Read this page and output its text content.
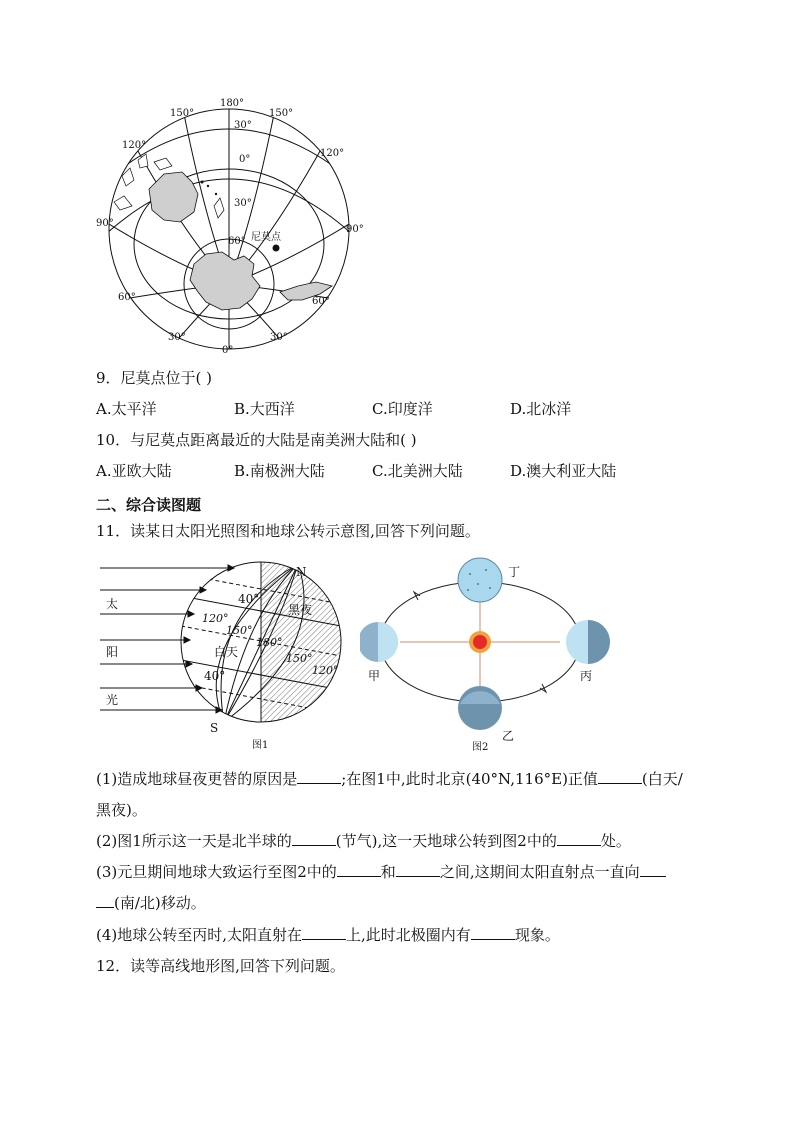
180°
150°	150°
120°
120°
90°
90°
60°	60°
30°	30°
0°
30°
0°
30°
60° 尼莫点
9．尼莫点位于( )
A.太平洋	B.大西洋	C.印度洋	D.北冰洋
10．与尼莫点距离最近的大陆是南美洲大陆和( )
A.亚欧大陆	B.南极洲大陆	C.北美洲大陆	D.澳大利亚大陆
二、综合读图题
11．读某日太阳光照图和地球公转示意图,回答下列问题。
太
阳
光
N
S
40°
40°
120°
150°
180°
150°
120°
白天
黑夜
图1
丁
甲	丙
乙
图2
(1)造成地球昼夜更替的原因是	;在图1中,此时北京(40°N,116°E)正值	(白天/
黑夜)。
(2)图1所示这一天是北半球的	(节气),这一天地球公转到图2中的	处。
(3)元旦期间地球大致运行至图2中的	和	之间,这期间太阳直射点一直向
(南/北)移动。
(4)地球公转至丙时,太阳直射在	上,此时北极圈内有	现象。
12．读等高线地形图,回答下列问题。
